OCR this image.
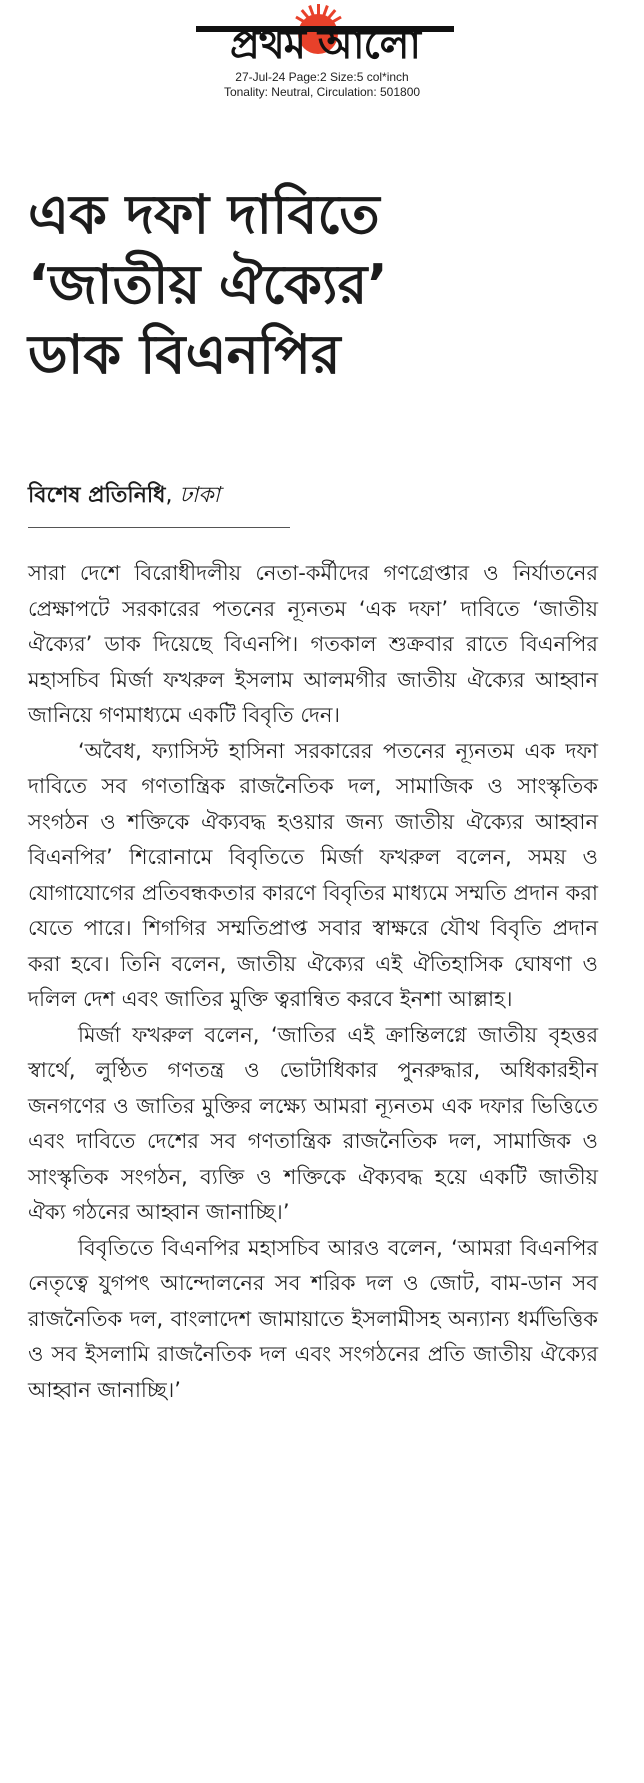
প্রথম আলো
27-Jul-24 Page:2 Size:5 col*inch
Tonality: Neutral, Circulation: 501800
এক দফা দাবিতে
‘জাতীয় ঐক্যের’
ডাক বিএনপির
বিশেষ প্রতিনিধি, ঢাকা

সারা দেশে বিরোধীদলীয় নেতা-কর্মীদের গণগ্রেপ্তার ও নির্যাতনের প্রেক্ষাপটে সরকারের পতনের ন্যূনতম ‘এক দফা’ দাবিতে ‘জাতীয় ঐক্যের’ ডাক দিয়েছে বিএনপি। গতকাল শুক্রবার রাতে বিএনপির মহাসচিব মির্জা ফখরুল ইসলাম আলমগীর জাতীয় ঐক্যের আহ্বান জানিয়ে গণমাধ্যমে একটি বিবৃতি দেন।

‘অবৈধ, ফ্যাসিস্ট হাসিনা সরকারের পতনের ন্যূনতম এক দফা দাবিতে সব গণতান্ত্রিক রাজনৈতিক দল, সামাজিক ও সাংস্কৃতিক সংগঠন ও শক্তিকে ঐক্যবদ্ধ হওয়ার জন্য জাতীয় ঐক্যের আহ্বান বিএনপির’ শিরোনামে বিবৃতিতে মির্জা ফখরুল বলেন, সময় ও যোগাযোগের প্রতিবন্ধকতার কারণে বিবৃতির মাধ্যমে সম্মতি প্রদান করা যেতে পারে। শিগগির সম্মতিপ্রাপ্ত সবার স্বাক্ষরে যৌথ বিবৃতি প্রদান করা হবে। তিনি বলেন, জাতীয় ঐক্যের এই ঐতিহাসিক ঘোষণা ও দলিল দেশ এবং জাতির মুক্তি ত্বরান্বিত করবে ইনশা আল্লাহ।

মির্জা ফখরুল বলেন, ‘জাতির এই ক্রান্তিলগ্নে জাতীয় বৃহত্তর স্বার্থে, লুণ্ঠিত গণতন্ত্র ও ভোটাধিকার পুনরুদ্ধার, অধিকারহীন জনগণের ও জাতির মুক্তির লক্ষ্যে আমরা ন্যূনতম এক দফার ভিত্তিতে এবং দাবিতে দেশের সব গণতান্ত্রিক রাজনৈতিক দল, সামাজিক ও সাংস্কৃতিক সংগঠন, ব্যক্তি ও শক্তিকে ঐক্যবদ্ধ হয়ে একটি জাতীয় ঐক্য গঠনের আহ্বান জানাচ্ছি।’

বিবৃতিতে বিএনপির মহাসচিব আরও বলেন, ‘আমরা বিএনপির নেতৃত্বে যুগপৎ আন্দোলনের সব শরিক দল ও জোট, বাম-ডান সব রাজনৈতিক দল, বাংলাদেশ জামায়াতে ইসলামীসহ অন্যান্য ধর্মভিত্তিক ও সব ইসলামি রাজনৈতিক দল এবং সংগঠনের প্রতি জাতীয় ঐক্যের আহ্বান জানাচ্ছি।’
